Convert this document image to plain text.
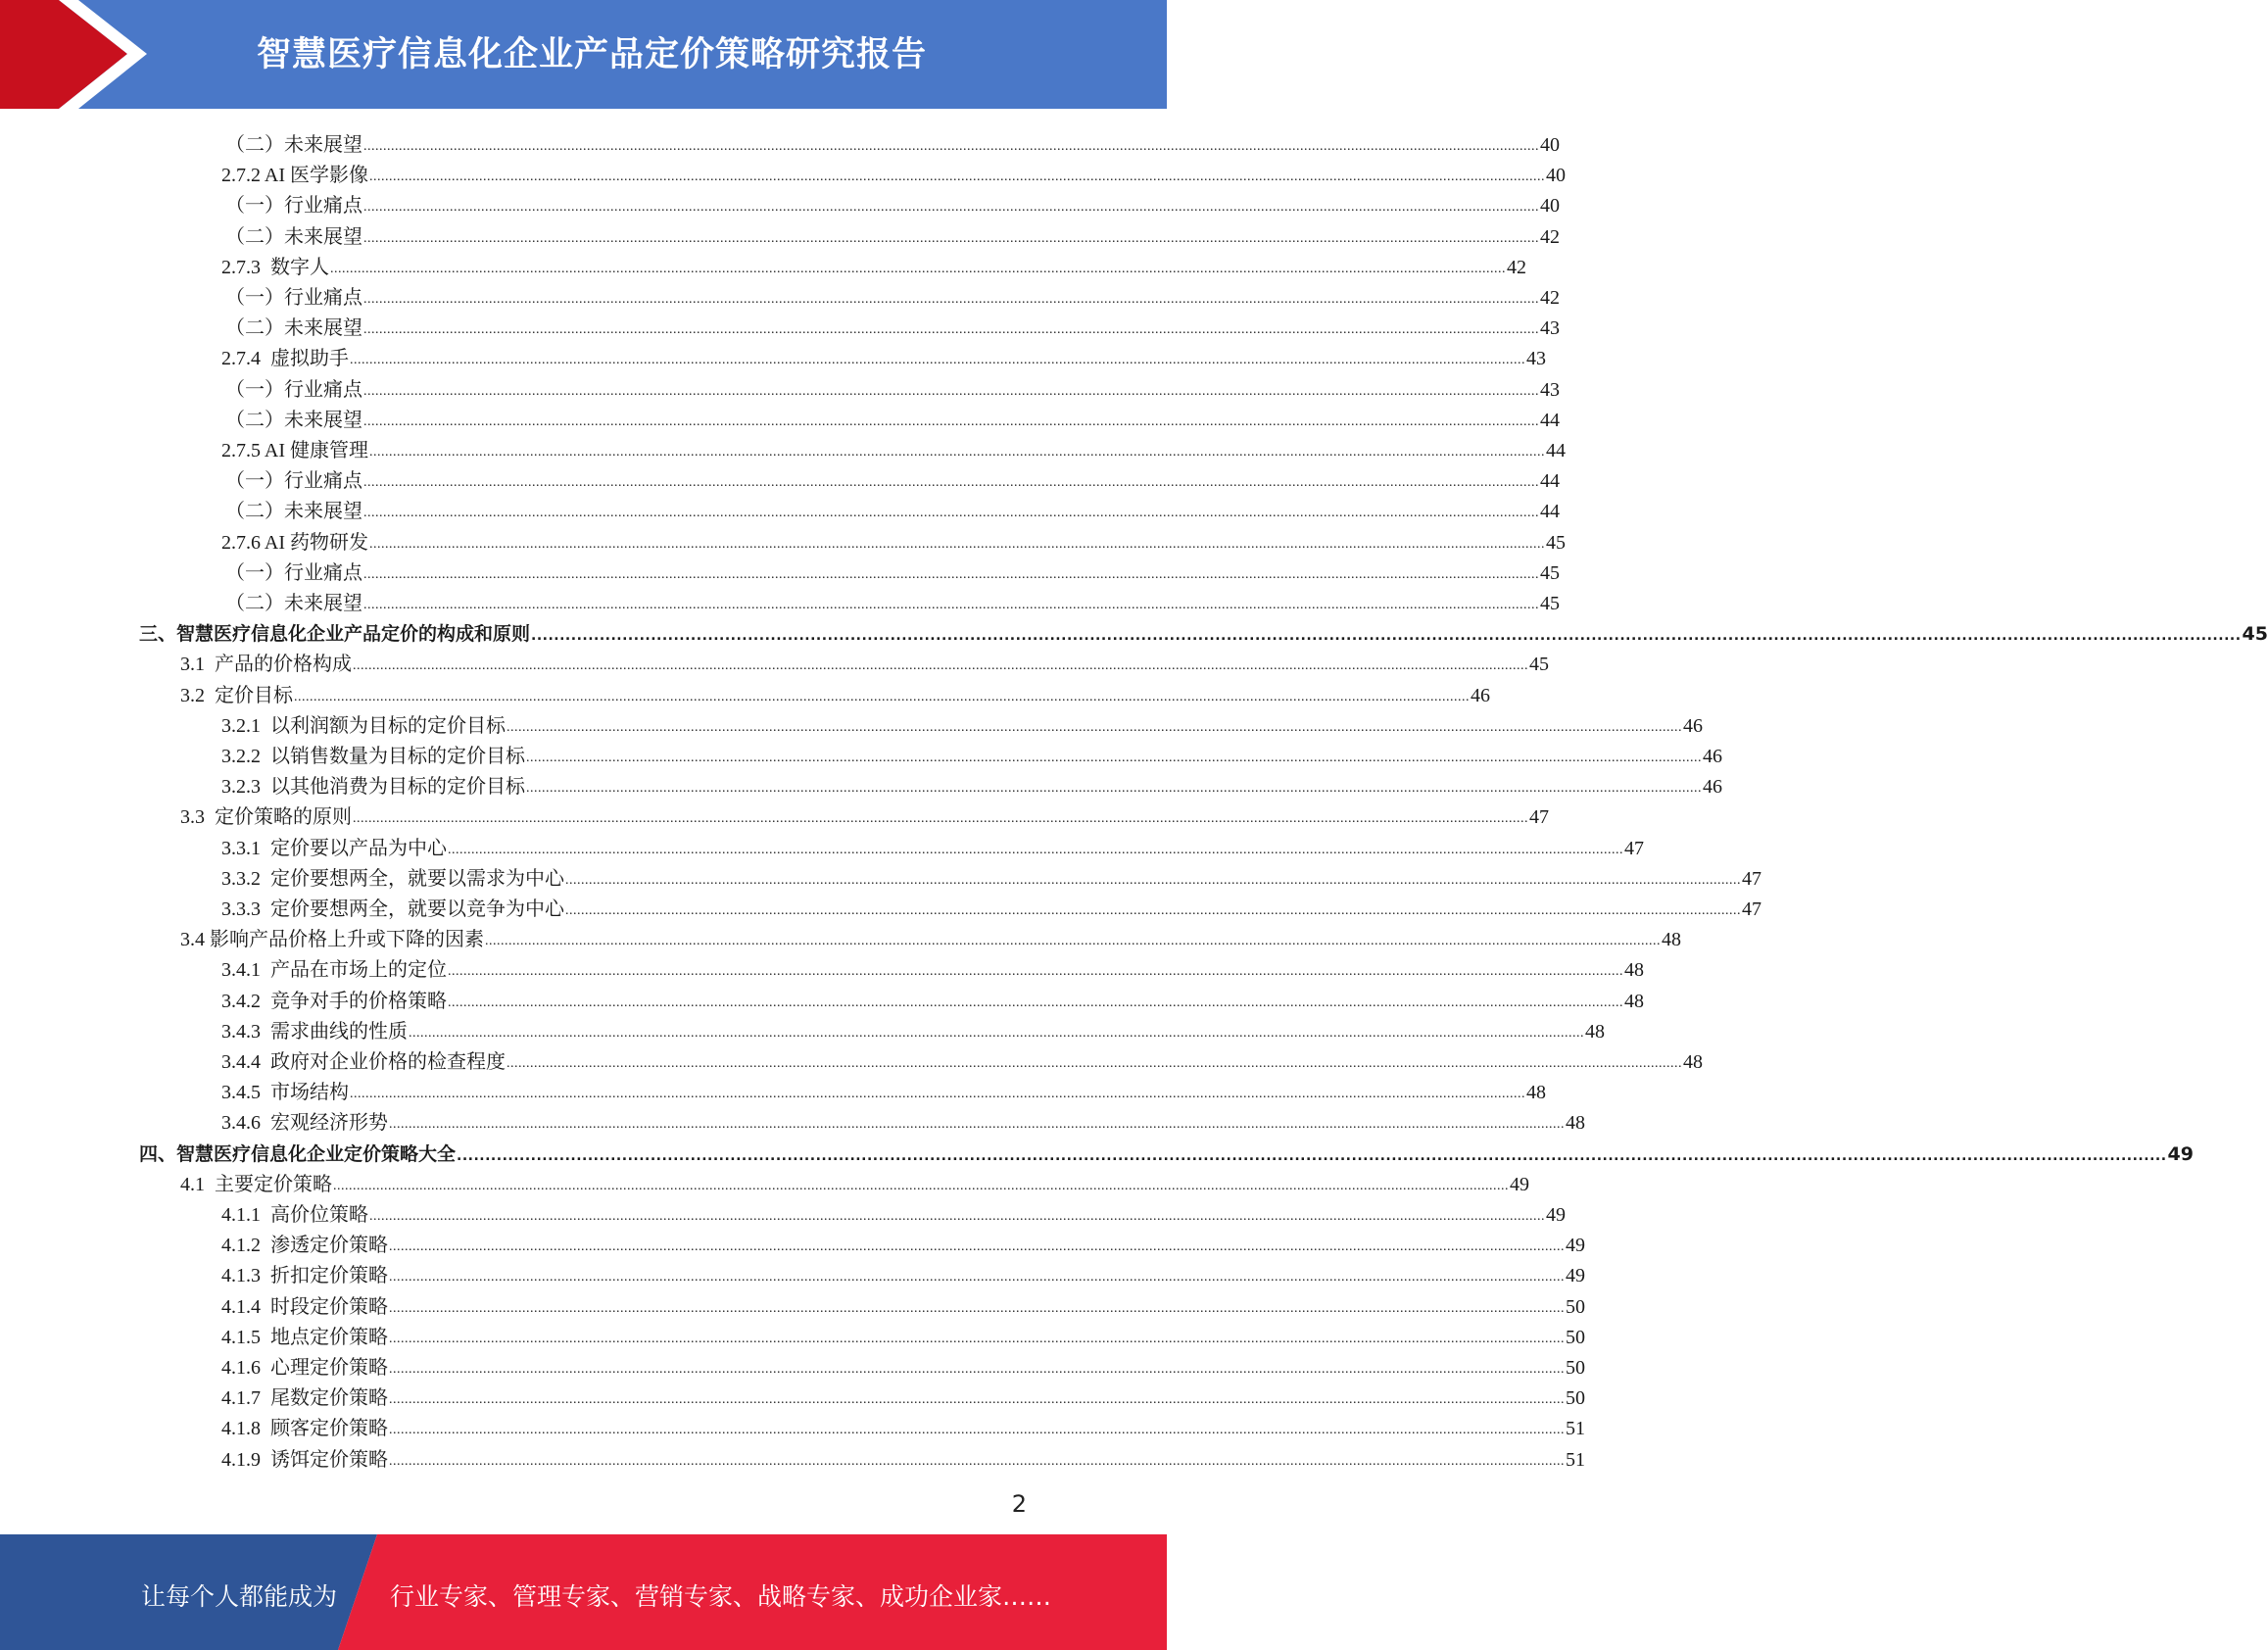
智慧医疗信息化企业产品定价策略研究报告
（二）未来展望 ............................................................................................................................................................................................................................................................................................................ 40
2.7.2 AI 医学影像 ............................................................................................................................................................................................................................................................................................................ 40
（一）行业痛点 ............................................................................................................................................................................................................................................................................................................ 40
（二）未来展望 ............................................................................................................................................................................................................................................................................................................ 42
2.7.3  数字人 ............................................................................................................................................................................................................................................................................................................ 42
（一）行业痛点 ............................................................................................................................................................................................................................................................................................................ 42
（二）未来展望 ............................................................................................................................................................................................................................................................................................................ 43
2.7.4  虚拟助手 ............................................................................................................................................................................................................................................................................................................ 43
（一）行业痛点 ............................................................................................................................................................................................................................................................................................................ 43
（二）未来展望 ............................................................................................................................................................................................................................................................................................................ 44
2.7.5 AI 健康管理 ............................................................................................................................................................................................................................................................................................................ 44
（一）行业痛点 ............................................................................................................................................................................................................................................................................................................ 44
（二）未来展望 ............................................................................................................................................................................................................................................................................................................ 44
2.7.6 AI 药物研发 ............................................................................................................................................................................................................................................................................................................ 45
（一）行业痛点 ............................................................................................................................................................................................................................................................................................................ 45
（二）未来展望 ............................................................................................................................................................................................................................................................................................................ 45
三、智慧医疗信息化企业产品定价的构成和原则 ............................................................................................................................................................................................................................................................................................................ 45
3.1  产品的价格构成 ............................................................................................................................................................................................................................................................................................................ 45
3.2  定价目标 ............................................................................................................................................................................................................................................................................................................ 46
3.2.1  以利润额为目标的定价目标 ............................................................................................................................................................................................................................................................................................................ 46
3.2.2  以销售数量为目标的定价目标 ............................................................................................................................................................................................................................................................................................................ 46
3.2.3  以其他消费为目标的定价目标 ............................................................................................................................................................................................................................................................................................................ 46
3.3  定价策略的原则 ............................................................................................................................................................................................................................................................................................................ 47
3.3.1  定价要以产品为中心 ............................................................................................................................................................................................................................................................................................................ 47
3.3.2  定价要想两全，就要以需求为中心 ............................................................................................................................................................................................................................................................................................................ 47
3.3.3  定价要想两全，就要以竞争为中心 ............................................................................................................................................................................................................................................................................................................ 47
3.4 影响产品价格上升或下降的因素 ............................................................................................................................................................................................................................................................................................................ 48
3.4.1  产品在市场上的定位 ............................................................................................................................................................................................................................................................................................................ 48
3.4.2  竞争对手的价格策略 ............................................................................................................................................................................................................................................................................................................ 48
3.4.3  需求曲线的性质 ............................................................................................................................................................................................................................................................................................................ 48
3.4.4  政府对企业价格的检查程度 ............................................................................................................................................................................................................................................................................................................ 48
3.4.5  市场结构 ............................................................................................................................................................................................................................................................................................................ 48
3.4.6  宏观经济形势 ............................................................................................................................................................................................................................................................................................................ 48
四、智慧医疗信息化企业定价策略大全 ............................................................................................................................................................................................................................................................................................................ 49
4.1  主要定价策略 ............................................................................................................................................................................................................................................................................................................ 49
4.1.1  高价位策略 ............................................................................................................................................................................................................................................................................................................ 49
4.1.2  渗透定价策略 ............................................................................................................................................................................................................................................................................................................ 49
4.1.3  折扣定价策略 ............................................................................................................................................................................................................................................................................................................ 49
4.1.4  时段定价策略 ............................................................................................................................................................................................................................................................................................................ 50
4.1.5  地点定价策略 ............................................................................................................................................................................................................................................................................................................ 50
4.1.6  心理定价策略 ............................................................................................................................................................................................................................................................................................................ 50
4.1.7  尾数定价策略 ............................................................................................................................................................................................................................................................................................................ 50
4.1.8  顾客定价策略 ............................................................................................................................................................................................................................................................................................................ 51
4.1.9  诱饵定价策略 ............................................................................................................................................................................................................................................................................................................ 51
2
让每个人都能成为 行业专家、管理专家、营销专家、战略专家、成功企业家……
